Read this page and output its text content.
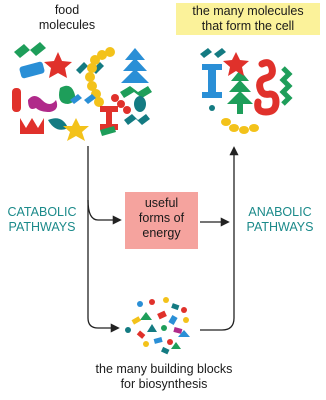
food
molecules
the many molecules
that form the cell
CATABOLIC
PATHWAYS
ANABOLIC
PATHWAYS
useful
forms of
energy
the many building blocks
for biosynthesis
